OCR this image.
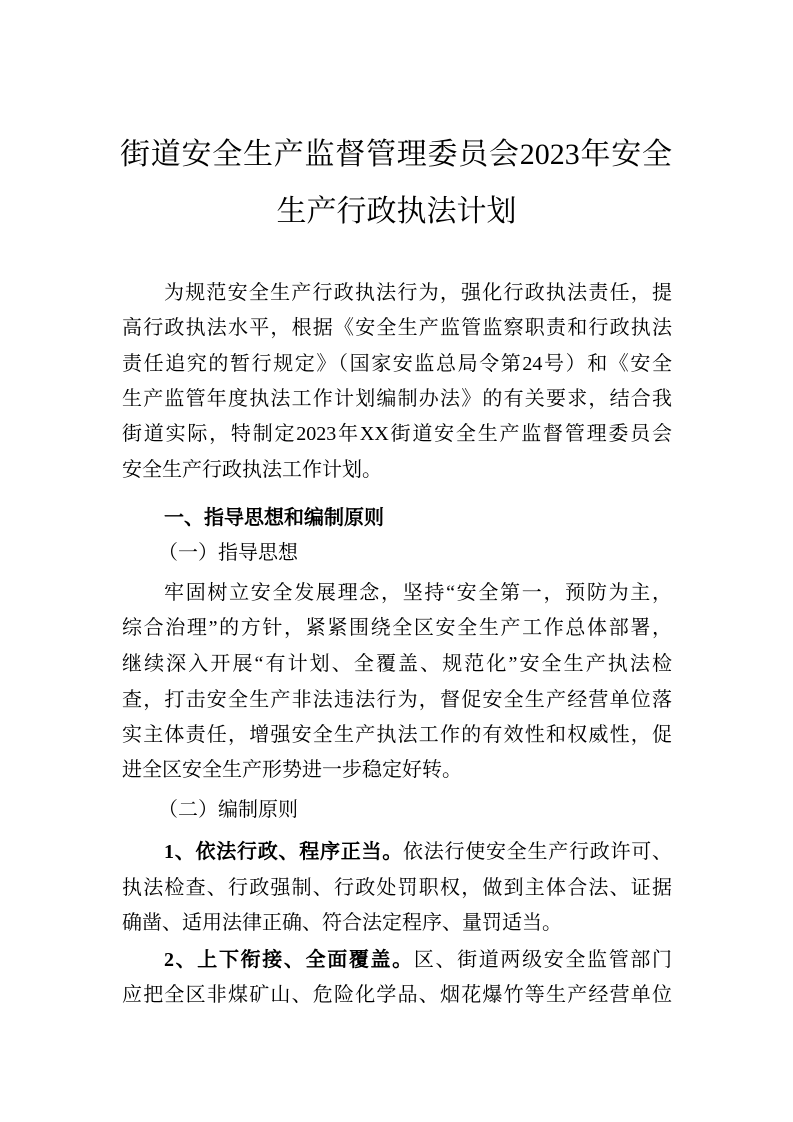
街道安全生产监督管理委员会2023年安全
生产行政执法计划
为规范安全生产行政执法行为，强化行政执法责任，提
高行政执法水平，根据《安全生产监管监察职责和行政执法
责任追究的暂行规定》（国家安监总局令第24号）和《安全
生产监管年度执法工作计划编制办法》的有关要求，结合我
街道实际，特制定2023年XX街道安全生产监督管理委员会
安全生产行政执法工作计划。
一、指导思想和编制原则
（一）指导思想
牢固树立安全发展理念，坚持“安全第一，预防为主，
综合治理”的方针，紧紧围绕全区安全生产工作总体部署，
继续深入开展“有计划、全覆盖、规范化”安全生产执法检
查，打击安全生产非法违法行为，督促安全生产经营单位落
实主体责任，增强安全生产执法工作的有效性和权威性，促
进全区安全生产形势进一步稳定好转。
（二）编制原则
1、依法行政、程序正当。依法行使安全生产行政许可、
执法检查、行政强制、行政处罚职权，做到主体合法、证据
确凿、适用法律正确、符合法定程序、量罚适当。
2、上下衔接、全面覆盖。区、街道两级安全监管部门
应把全区非煤矿山、危险化学品、烟花爆竹等生产经营单位
